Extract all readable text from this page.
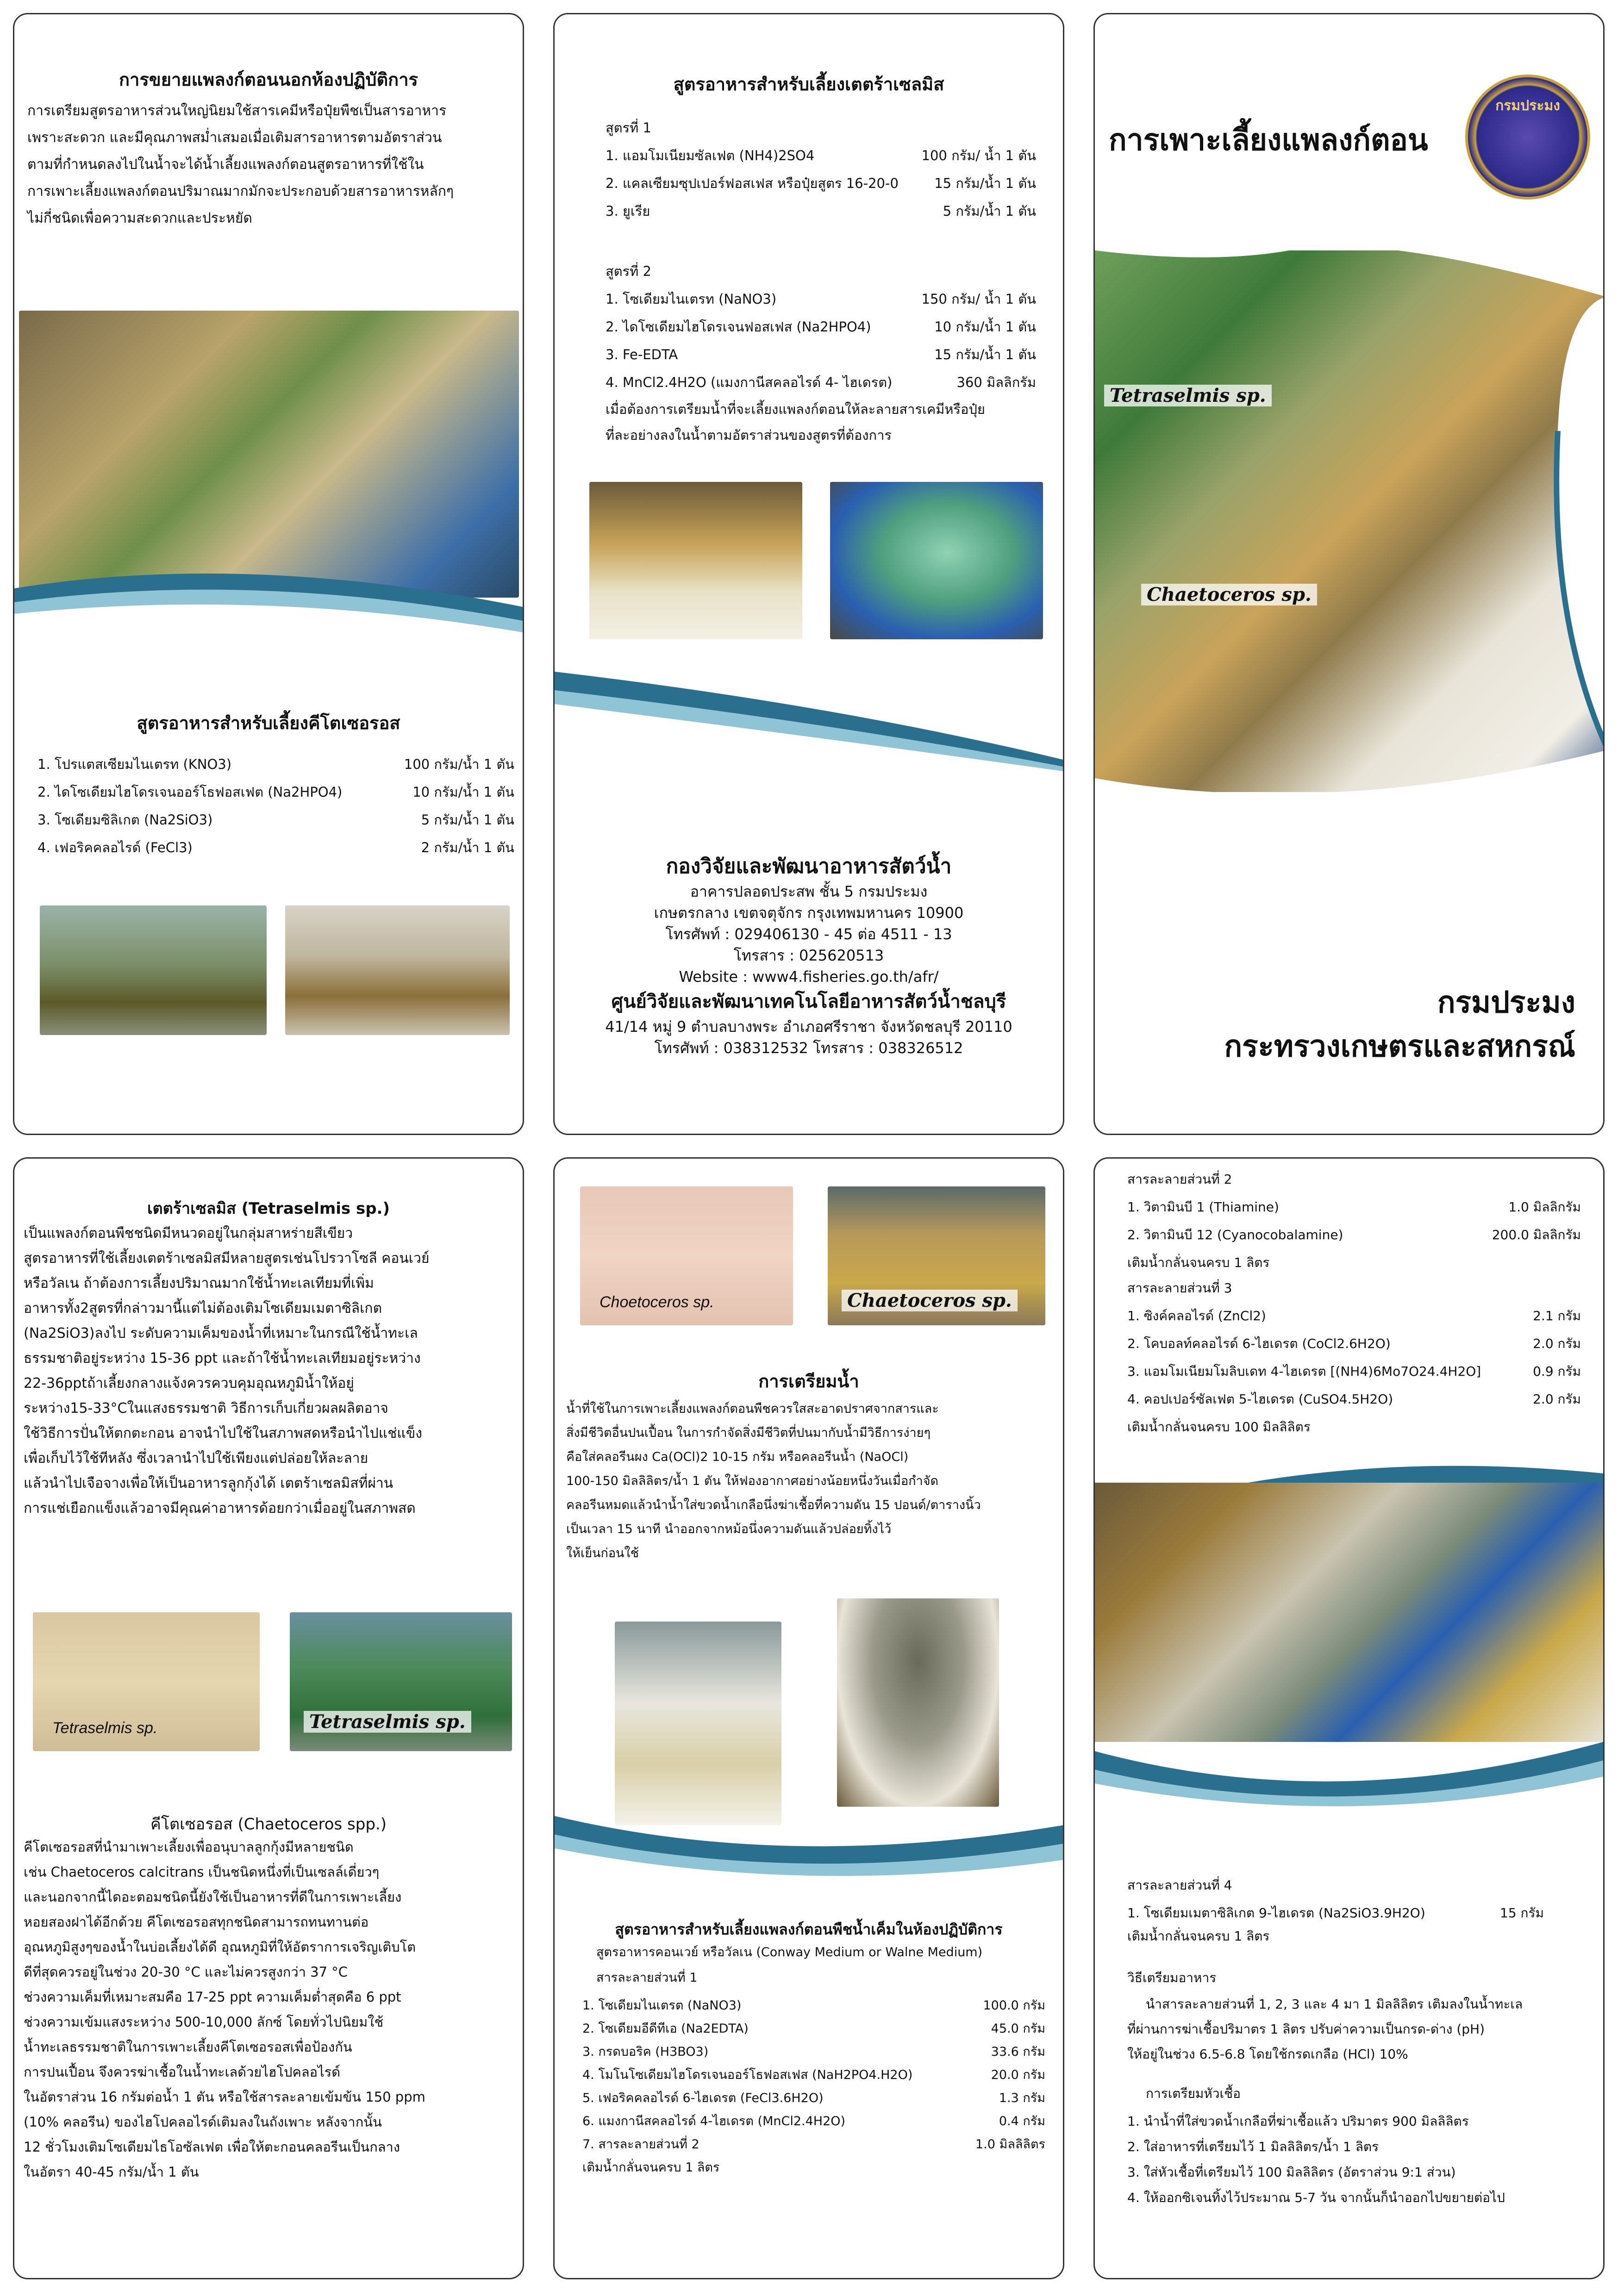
การขยายแพลงก์ตอนนอกห้องปฏิบัติการ
การเตรียมสูตรอาหารส่วนใหญ่นิยมใช้สารเคมีหรือปุ๋ยพืชเป็นสารอาหาร
เพราะสะดวก และมีคุณภาพสม่ำเสมอเมื่อเติมสารอาหารตามอัตราส่วน
ตามที่กำหนดลงไปในน้ำจะได้น้ำเลี้ยงแพลงก์ตอนสูตรอาหารที่ใช้ใน
การเพาะเลี้ยงแพลงก์ตอนปริมาณมากมักจะประกอบด้วยสารอาหารหลักๆ
ไม่กี่ชนิดเพื่อความสะดวกและประหยัด
สูตรอาหารสำหรับเลี้ยงคีโตเซอรอส
1. โปรแตสเซียมไนเตรท (KNO3)	100 กรัม/น้ำ 1 ตัน
2. ไดโซเดียมไฮโดรเจนออร์โธฟอสเฟต (Na2HPO4)	10 กรัม/น้ำ 1 ตัน
3. โซเดียมซิลิเกต (Na2SiO3)	5 กรัม/น้ำ 1 ตัน
4. เฟอริคคลอไรด์ (FeCl3)	2 กรัม/น้ำ 1 ตัน
สูตรอาหารสำหรับเลี้ยงเตตร้าเซลมิส
สูตรที่ 1
1. แอมโมเนียมซัลเฟต (NH4)2SO4	100 กรัม/ น้ำ 1 ตัน
2. แคลเซียมซุปเปอร์ฟอสเฟส หรือปุ๋ยสูตร 16-20-0	15 กรัม/น้ำ 1 ตัน
3. ยูเรีย	5 กรัม/น้ำ 1 ตัน
สูตรที่ 2
1. โซเดียมไนเตรท (NaNO3)	150 กรัม/ น้ำ 1 ตัน
2. ไดโซเดียมไฮโดรเจนฟอสเฟส (Na2HPO4)	10 กรัม/น้ำ 1 ตัน
3. Fe-EDTA	15 กรัม/น้ำ 1 ตัน
4. MnCl2.4H2O (แมงกานีสคลอไรด์ 4- ไฮเดรต)	360 มิลลิกรัม
เมื่อต้องการเตรียมน้ำที่จะเลี้ยงแพลงก์ตอนให้ละลายสารเคมีหรือปุ๋ย
ที่ละอย่างลงในน้ำตามอัตราส่วนของสูตรที่ต้องการ
กองวิจัยและพัฒนาอาหารสัตว์น้ำ
อาคารปลอดประสพ ชั้น 5 กรมประมง
เกษตรกลาง เขตจตุจักร กรุงเทพมหานคร 10900
โทรศัพท์ : 029406130 - 45 ต่อ 4511 - 13
โทรสาร : 025620513
Website : www4.fisheries.go.th/afr/
ศูนย์วิจัยและพัฒนาเทคโนโลยีอาหารสัตว์น้ำชลบุรี
41/14 หมู่ 9 ตำบลบางพระ อำเภอศรีราชา จังหวัดชลบุรี 20110
โทรศัพท์ : 038312532 โทรสาร : 038326512
การเพาะเลี้ยงแพลงก์ตอน
กรมประมง
Tetraselmis sp.
Chaetoceros sp.
กรมประมง
กระทรวงเกษตรและสหกรณ์
เตตร้าเซลมิส (Tetraselmis sp.)
เป็นแพลงก์ตอนพืชชนิดมีหนวดอยู่ในกลุ่มสาหร่ายสีเขียว
สูตรอาหารที่ใช้เลี้ยงเตตร้าเซลมิสมีหลายสูตรเช่นโปรวาโซลี คอนเวย์
หรือวัลเน ถ้าต้องการเลี้ยงปริมาณมากใช้น้ำทะเลเทียมที่เพิ่ม
อาหารทั้ง2สูตรที่กล่าวมานี้แต่ไม่ต้องเติมโซเดียมเมตาซิลิเกต
(Na2SiO3)ลงไป ระดับความเค็มของน้ำที่เหมาะในกรณีใช้น้ำทะเล
ธรรมชาติอยู่ระหว่าง 15-36 ppt และถ้าใช้น้ำทะเลเทียมอยู่ระหว่าง
22-36pptถ้าเลี้ยงกลางแจ้งควรควบคุมอุณหภูมิน้ำให้อยู่
ระหว่าง15-33°Cในแสงธรรมชาติ วิธีการเก็บเกี่ยวผลผลิตอาจ
ใช้วิธีการปั่นให้ตกตะกอน อาจนำไปใช้ในสภาพสดหรือนำไปแช่แข็ง
เพื่อเก็บไว้ใช้ทีหลัง ซึ่งเวลานำไปใช้เพียงแต่ปล่อยให้ละลาย
แล้วนำไปเจือจางเพื่อให้เป็นอาหารลูกกุ้งได้ เตตร้าเซลมิสที่ผ่าน
การแช่เยือกแข็งแล้วอาจมีคุณค่าอาหารด้อยกว่าเมื่ออยู่ในสภาพสด
Tetraselmis sp.	Tetraselmis sp.
คีโตเซอรอส (Chaetoceros spp.)
คีโตเซอรอสที่นำมาเพาะเลี้ยงเพื่ออนุบาลลูกกุ้งมีหลายชนิด
เช่น Chaetoceros calcitrans เป็นชนิดหนึ่งที่เป็นเซลล์เดี่ยวๆ
และนอกจากนี้ไดอะตอมชนิดนี้ยังใช้เป็นอาหารที่ดีในการเพาะเลี้ยง
หอยสองฝาได้อีกด้วย คีโตเซอรอสทุกชนิดสามารถทนทานต่อ
อุณหภูมิสูงๆของน้ำในบ่อเลี้ยงได้ดี อุณหภูมิที่ให้อัตราการเจริญเติบโต
ดีที่สุดควรอยู่ในช่วง 20-30 °C และไม่ควรสูงกว่า 37 °C
ช่วงความเค็มที่เหมาะสมคือ 17-25 ppt ความเค็มต่ำสุดคือ 6 ppt
ช่วงความเข้มแสงระหว่าง 500-10,000 ลักซ์ โดยทั่วไปนิยมใช้
น้ำทะเลธรรมชาติในการเพาะเลี้ยงคีโตเซอรอสเพื่อป้องกัน
การปนเปื้อน จึงควรฆ่าเชื้อในน้ำทะเลด้วยไฮโปคลอไรด์
ในอัตราส่วน 16 กรัมต่อน้ำ 1 ตัน หรือใช้สารละลายเข้มข้น 150 ppm
(10% คลอรีน) ของไฮโปคลอไรด์เติมลงในถังเพาะ หลังจากนั้น
12 ชั่วโมงเติมโซเดียมไธโอซัลเฟต เพื่อให้ตะกอนคลอรีนเป็นกลาง
ในอัตรา 40-45 กรัม/น้ำ 1 ตัน
Choetoceros sp.	Chaetoceros sp.
การเตรียมน้ำ
น้ำที่ใช้ในการเพาะเลี้ยงแพลงก์ตอนพืชควรใสสะอาดปราศจากสารและ
สิ่งมีชีวิตอื่นปนเปื้อน ในการกำจัดสิ่งมีชีวิตที่ปนมากับน้ำมีวิธีการง่ายๆ
คือใส่คลอรีนผง Ca(OCl)2 10-15 กรัม หรือคลอรีนน้ำ (NaOCl)
100-150 มิลลิลิตร/น้ำ 1 ตัน ให้ฟองอากาศอย่างน้อยหนึ่งวันเมื่อกำจัด
คลอรีนหมดแล้วนำน้ำใส่ขวดน้ำเกลือนึ่งฆ่าเชื้อที่ความดัน 15 ปอนด์/ตารางนิ้ว
เป็นเวลา 15 นาที นำออกจากหม้อนึ่งความดันแล้วปล่อยทิ้งไว้
ให้เย็นก่อนใช้
สูตรอาหารสำหรับเลี้ยงแพลงก์ตอนพืชน้ำเค็มในห้องปฏิบัติการ
สูตรอาหารคอนเวย์ หรือวัลเน (Conway Medium or Walne Medium)
สารละลายส่วนที่ 1
1. โซเดียมไนเตรต (NaNO3)	100.0 กรัม
2. โซเดียมอีดีทีเอ (Na2EDTA)	45.0 กรัม
3. กรดบอริค (H3BO3)	33.6 กรัม
4. โมโนโซเดียมไฮโดรเจนออร์โธฟอสเฟส (NaH2PO4.H2O)	20.0 กรัม
5. เฟอริคคลอไรด์ 6-ไฮเดรต (FeCl3.6H2O)	1.3 กรัม
6. แมงกานีสคลอไรด์ 4-ไฮเดรต (MnCl2.4H2O)	0.4 กรัม
7. สารละลายส่วนที่ 2	1.0 มิลลิลิตร
เติมน้ำกลั่นจนครบ 1 ลิตร
สารละลายส่วนที่ 2
1. วิตามินบี 1 (Thiamine)	1.0 มิลลิกรัม
2. วิตามินบี 12 (Cyanocobalamine)	200.0 มิลลิกรัม
เติมน้ำกลั่นจนครบ 1 ลิตร
สารละลายส่วนที่ 3
1. ซิงค์คลอไรด์ (ZnCl2)	2.1 กรัม
2. โคบอลท์คลอไรด์ 6-ไฮเดรต (CoCl2.6H2O)	2.0 กรัม
3. แอมโมเนียมโมลิบเดท 4-ไฮเดรต [(NH4)6Mo7O24.4H2O]	0.9 กรัม
4. คอปเปอร์ซัลเฟต 5-ไฮเดรต (CuSO4.5H2O)	2.0 กรัม
เติมน้ำกลั่นจนครบ 100 มิลลิลิตร
สารละลายส่วนที่ 4
1. โซเดียมเมตาซิลิเกต 9-ไฮเดรต (Na2SiO3.9H2O)	15 กรัม
เติมน้ำกลั่นจนครบ 1 ลิตร
วิธีเตรียมอาหาร
นำสารละลายส่วนที่ 1, 2, 3 และ 4 มา 1 มิลลิลิตร เติมลงในน้ำทะเล
ที่ผ่านการฆ่าเชื้อปริมาตร 1 ลิตร ปรับค่าความเป็นกรด-ด่าง (pH)
ให้อยู่ในช่วง 6.5-6.8 โดยใช้กรดเกลือ (HCl) 10%
การเตรียมหัวเชื้อ
1. นำน้ำที่ใส่ขวดน้ำเกลือที่ฆ่าเชื้อแล้ว ปริมาตร 900 มิลลิลิตร
2. ใส่อาหารที่เตรียมไว้ 1 มิลลิลิตร/น้ำ 1 ลิตร
3. ใส่หัวเชื้อที่เตรียมไว้ 100 มิลลิลิตร (อัตราส่วน 9:1 ส่วน)
4. ให้ออกซิเจนทิ้งไว้ประมาณ 5-7 วัน จากนั้นก็นำออกไปขยายต่อไป
